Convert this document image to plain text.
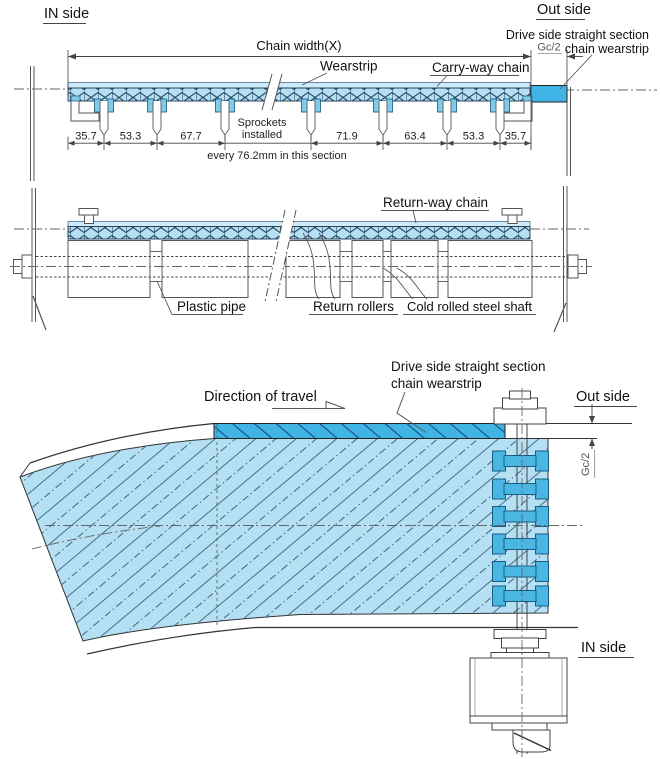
35.7 53.3	67.7	71.9	63.4	53.3 35.7
IN side	Out side
Drive side straight section
chain wearstrip
Gc/2
Chain width(X)
Wearstrip	Carry-way chain
Sprockets
installed
every 76.2mm in this section
Return-way chain
Plastic pipe	Return rollers Cold rolled steel shaft
Direction of travel
Drive side straight section
chain wearstrip
Out side
Gc/2
IN side
